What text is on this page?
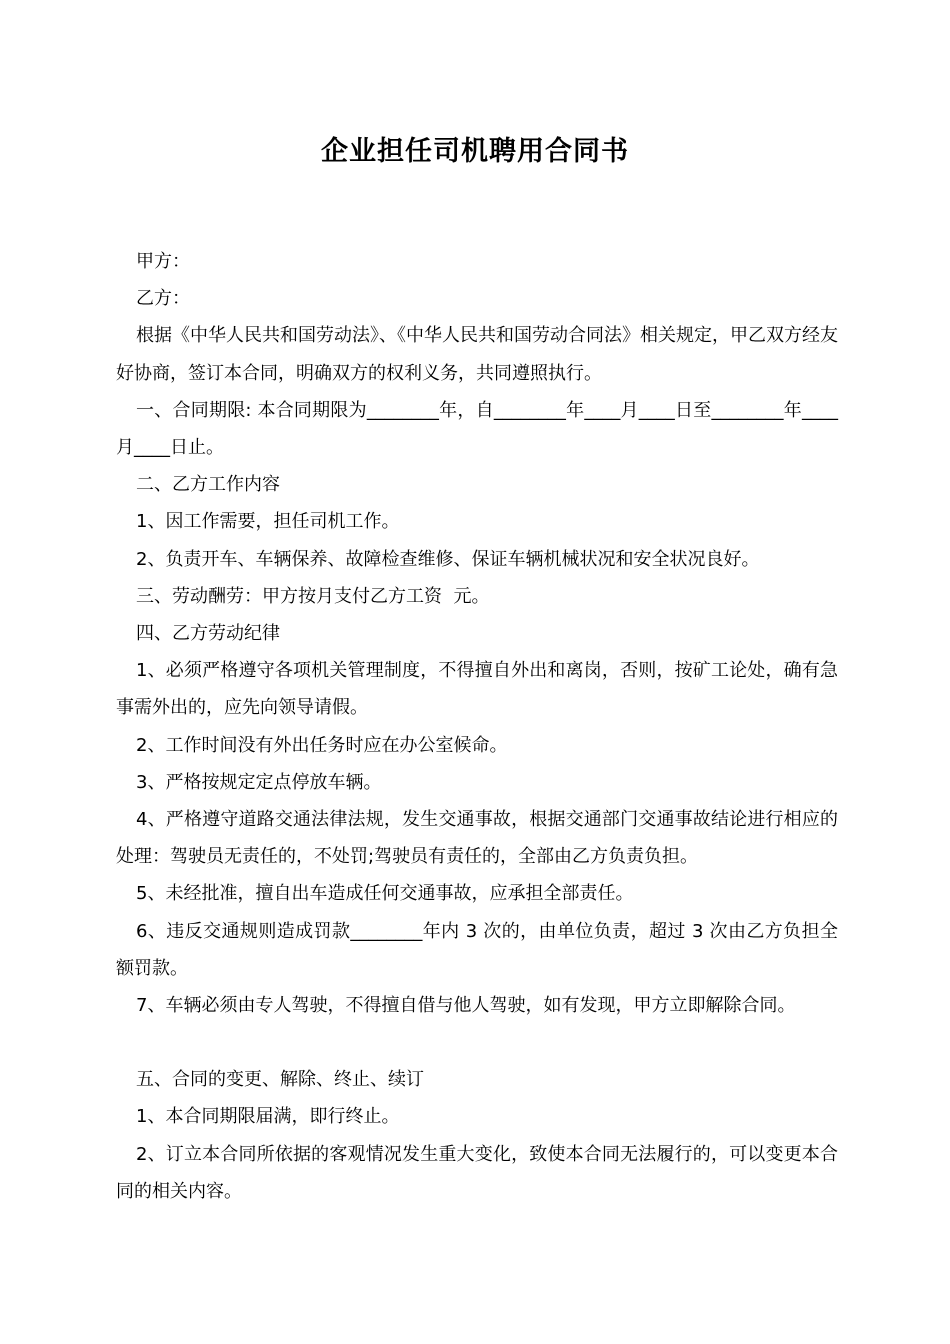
企业担任司机聘用合同书

甲方：

乙方：

根据《中华人民共和国劳动法》、《中华人民共和国劳动合同法》相关规定，甲乙双方经友好协商，签订本合同，明确双方的权利义务，共同遵照执行。

一、合同期限: 本合同期限为________年，自________年____月____日至________年____月____日止。

二、乙方工作内容

1、因工作需要，担任司机工作。

2、负责开车、车辆保养、故障检查维修、保证车辆机械状况和安全状况良好。

三、劳动酬劳：甲方按月支付乙方工资  元。

四、乙方劳动纪律

1、必须严格遵守各项机关管理制度，不得擅自外出和离岗，否则，按矿工论处，确有急事需外出的，应先向领导请假。

2、工作时间没有外出任务时应在办公室候命。

3、严格按规定定点停放车辆。

4、严格遵守道路交通法律法规，发生交通事故，根据交通部门交通事故结论进行相应的处理：驾驶员无责任的，不处罚;驾驶员有责任的，全部由乙方负责负担。

5、未经批准，擅自出车造成任何交通事故，应承担全部责任。

6、违反交通规则造成罚款________年内 3 次的，由单位负责，超过 3 次由乙方负担全额罚款。

7、车辆必须由专人驾驶，不得擅自借与他人驾驶，如有发现，甲方立即解除合同。

五、合同的变更、解除、终止、续订

1、本合同期限届满，即行终止。

2、订立本合同所依据的客观情况发生重大变化，致使本合同无法履行的，可以变更本合同的相关内容。
